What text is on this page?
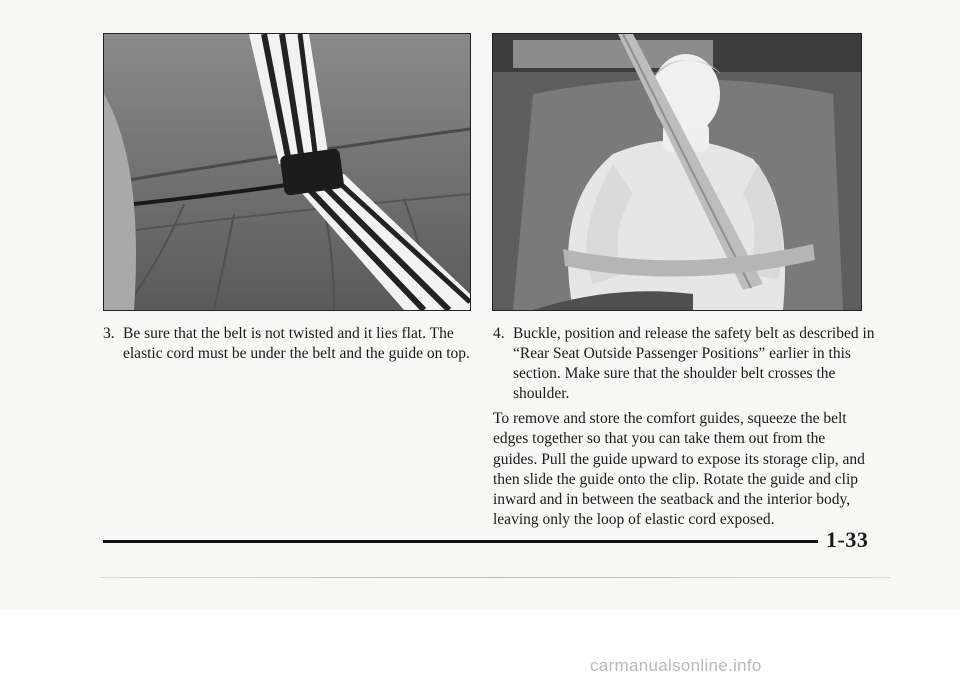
3. Be sure that the belt is not twisted and it lies flat. The elastic cord must be under the belt and the guide on top.

4. Buckle, position and release the safety belt as described in “Rear Seat Outside Passenger Positions” earlier in this section. Make sure that the shoulder belt crosses the shoulder.

To remove and store the comfort guides, squeeze the belt edges together so that you can take them out from the guides. Pull the guide upward to expose its storage clip, and then slide the guide onto the clip. Rotate the guide and clip inward and in between the seatback and the interior body, leaving only the loop of elastic cord exposed.

1-33
carmanualsonline.info
